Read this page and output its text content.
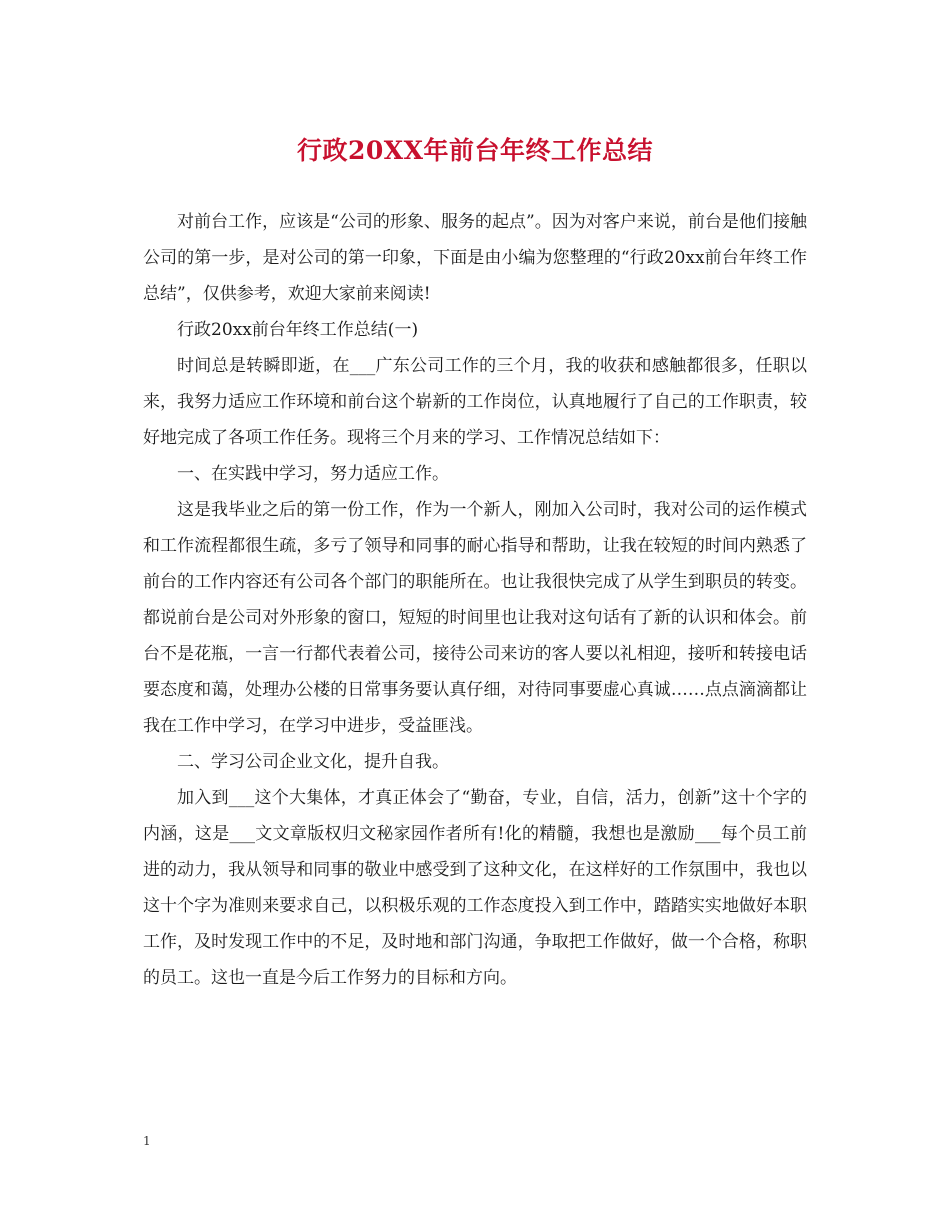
行政20XX年前台年终工作总结

对前台工作，应该是“公司的形象、服务的起点”。因为对客户来说，前台是他们接触公司的第一步，是对公司的第一印象，下面是由小编为您整理的“行政20xx前台年终工作总结”，仅供参考，欢迎大家前来阅读!

行政20xx前台年终工作总结(一)

时间总是转瞬即逝，在___广东公司工作的三个月，我的收获和感触都很多，任职以来，我努力适应工作环境和前台这个崭新的工作岗位，认真地履行了自己的工作职责，较好地完成了各项工作任务。现将三个月来的学习、工作情况总结如下：

一、在实践中学习，努力适应工作。

这是我毕业之后的第一份工作，作为一个新人，刚加入公司时，我对公司的运作模式和工作流程都很生疏，多亏了领导和同事的耐心指导和帮助，让我在较短的时间内熟悉了前台的工作内容还有公司各个部门的职能所在。也让我很快完成了从学生到职员的转变。都说前台是公司对外形象的窗口，短短的时间里也让我对这句话有了新的认识和体会。前台不是花瓶，一言一行都代表着公司，接待公司来访的客人要以礼相迎，接听和转接电话要态度和蔼，处理办公楼的日常事务要认真仔细，对待同事要虚心真诚……点点滴滴都让我在工作中学习，在学习中进步，受益匪浅。

二、学习公司企业文化，提升自我。

加入到___这个大集体，才真正体会了“勤奋，专业，自信，活力，创新”这十个字的内涵，这是___文文章版权归文秘家园作者所有!化的精髓，我想也是激励___每个员工前进的动力，我从领导和同事的敬业中感受到了这种文化，在这样好的工作氛围中，我也以这十个字为准则来要求自己，以积极乐观的工作态度投入到工作中，踏踏实实地做好本职工作，及时发现工作中的不足，及时地和部门沟通，争取把工作做好，做一个合格，称职的员工。这也一直是今后工作努力的目标和方向。

1
